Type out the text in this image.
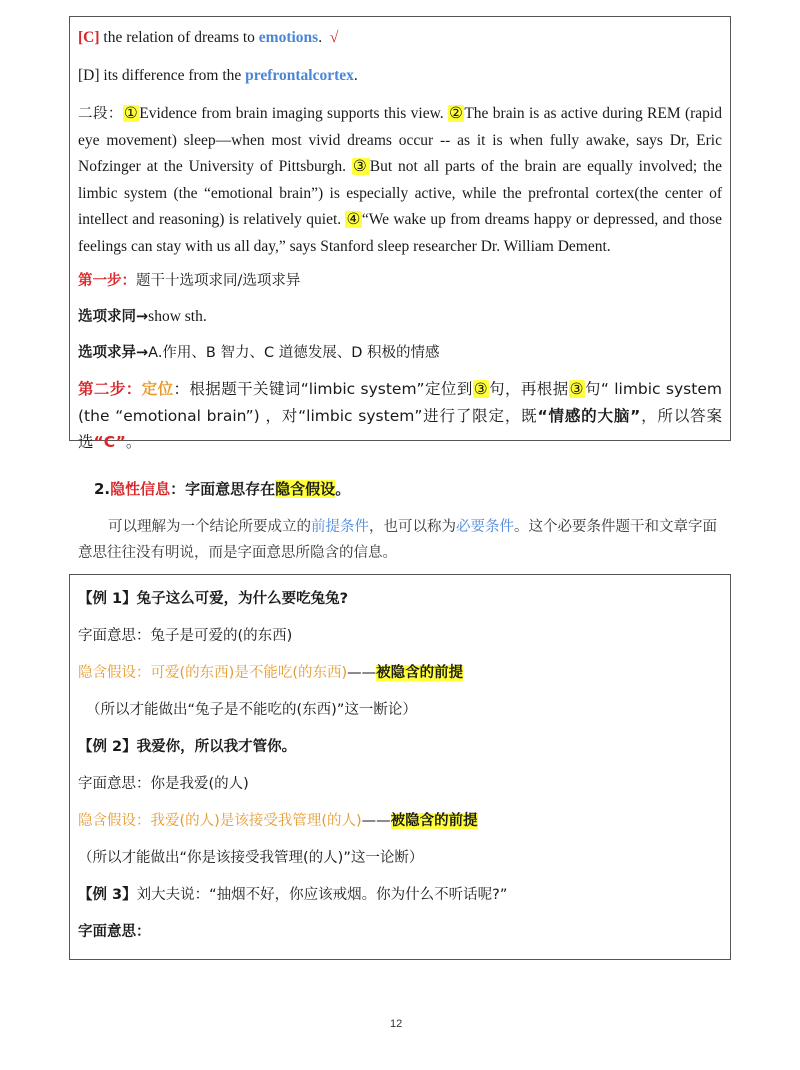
[C] the relation of dreams to emotions. √

[D] its difference from the prefrontalcortex.

二段：①Evidence from brain imaging supports this view. ②The brain is as active during REM (rapid eye movement) sleep—when most vivid dreams occur -- as it is when fully awake, says Dr, Eric Nofzinger at the University of Pittsburgh. ③But not all parts of the brain are equally involved; the limbic system (the “emotional brain”) is especially active, while the prefrontal cortex(the center of intellect and reasoning) is relatively quiet. ④“We wake up from dreams happy or depressed, and those feelings can stay with us all day,” says Stanford sleep researcher Dr. William Dement.

第一步：题干十选项求同/选项求异

选项求同→show sth.

选项求异→A.作用、B 智力、C 道德发展、D 积极的情感

第二步：定位：根据题干关键词“limbic system”定位到③句，再根据③句“ limbic system (the “emotional brain”) ，对“limbic system”进行了限定，既“情感的大脑”，所以答案选“C”。

2.隐性信息：字面意思存在隐含假设。
可以理解为一个结论所要成立的前提条件，也可以称为必要条件。这个必要条件题干和文章字面意思往往没有明说，而是字面意思所隐含的信息。

【例 1】兔子这么可爱，为什么要吃兔兔?

字面意思：兔子是可爱的(的东西)

隐含假设：可爱(的东西)是不能吃(的东西)——被隐含的前提

（所以才能做出“兔子是不能吃的(东西)”这一断论）

【例 2】我爱你，所以我才管你。

字面意思：你是我爱(的人)

隐含假设：我爱(的人)是该接受我管理(的人)——被隐含的前提

（所以才能做出“你是该接受我管理(的人)”这一论断）

【例 3】刘大夫说：“抽烟不好，你应该戒烟。你为什么不听话呢?”

字面意思：

12
